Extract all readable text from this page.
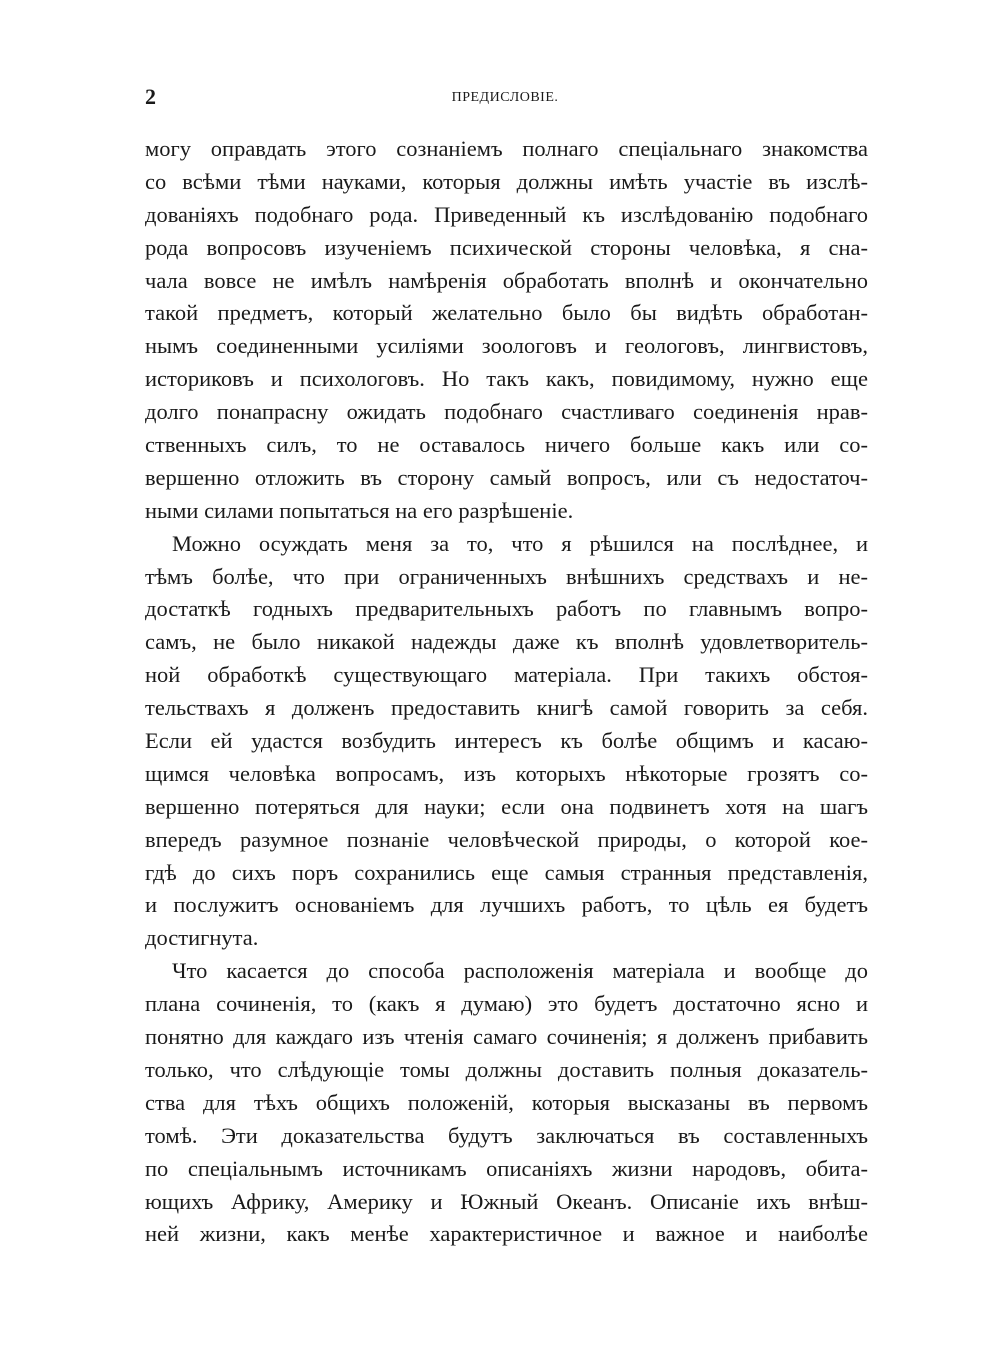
2	ПРЕДИСЛОВІЕ.
могу оправдать этого сознаніемъ полнаго спеціальнаго знакомства
со всѣми тѣми науками, которыя должны имѣть участіе въ изслѣ-
дованіяхъ подобнаго рода. Приведенный къ изслѣдованію подобнаго
рода вопросовъ изученіемъ психической стороны человѣка, я сна-
чала вовсе не имѣлъ намѣренія обработать вполнѣ и окончательно
такой предметъ, который желательно было бы видѣть обработан-
нымъ соединенными усиліями зоологовъ и геологовъ, лингвистовъ,
историковъ и психологовъ. Но такъ какъ, повидимому, нужно еще
долго понапрасну ожидать подобнаго счастливаго соединенія нрав-
ственныхъ силъ, то не оставалось ничего больше какъ или со-
вершенно отложить въ сторону самый вопросъ, или съ недостаточ-
ными силами попытаться на его разрѣшеніе.
Можно осуждать меня за то, что я рѣшился на послѣднее, и
тѣмъ болѣе, что при ограниченныхъ внѣшнихъ средствахъ и не-
достаткѣ годныхъ предварительныхъ работъ по главнымъ вопро-
самъ, не было никакой надежды даже къ вполнѣ удовлетворитель-
ной обработкѣ существующаго матеріала. При такихъ обстоя-
тельствахъ я долженъ предоставить книгѣ самой говорить за себя.
Если ей удастся возбудить интересъ къ болѣе общимъ и касаю-
щимся человѣка вопросамъ, изъ которыхъ нѣкоторые грозятъ со-
вершенно потеряться для науки; если она подвинетъ хотя на шагъ
впередъ разумное познаніе человѣческой природы, о которой кое-
гдѣ до сихъ поръ сохранились еще самыя странныя представленія,
и послужитъ основаніемъ для лучшихъ работъ, то цѣль ея будетъ
достигнута.
Что касается до способа расположенія матеріала и вообще до
плана сочиненія, то (какъ я думаю) это будетъ достаточно ясно и
понятно для каждаго изъ чтенія самаго сочиненія; я долженъ прибавить
только, что слѣдующіе томы должны доставить полныя доказатель-
ства для тѣхъ общихъ положеній, которыя высказаны въ первомъ
томѣ. Эти доказательства будутъ заключаться въ составленныхъ
по спеціальнымъ источникамъ описаніяхъ жизни народовъ, обита-
ющихъ Африку, Америку и Южный Океанъ. Описаніе ихъ внѣш-
ней жизни, какъ менѣе характеристичное и важное и наиболѣе
